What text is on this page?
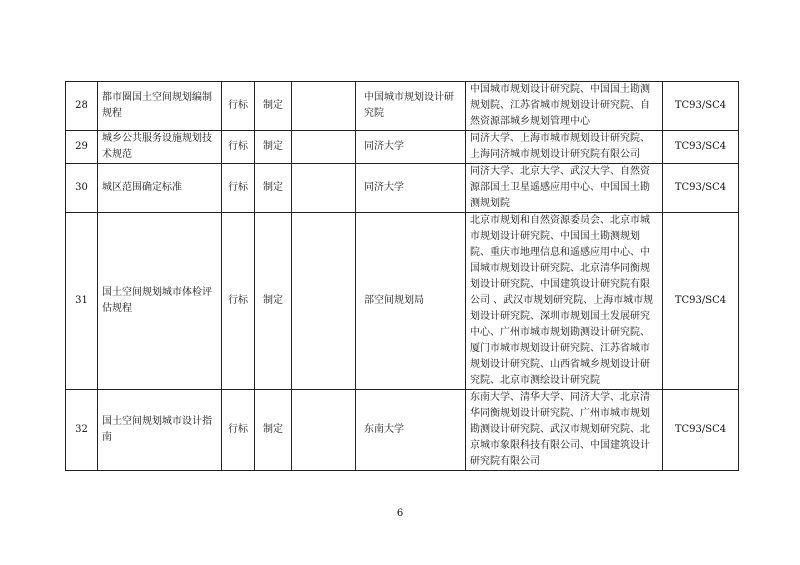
28	都市圈国土空间规划编制规程	行标	制定		中国城市规划设计研究院	中国城市规划设计研究院、中国国土勘测规划院、江苏省城市规划设计研究院、自然资源部城乡规划管理中心	TC93/SC4
29	城乡公共服务设施规划技术规范	行标	制定		同济大学	同济大学、上海市城市规划设计研究院、上海同济城市规划设计研究院有限公司	TC93/SC4
30	城区范围确定标准	行标	制定		同济大学	同济大学、北京大学、武汉大学、自然资源部国土卫星遥感应用中心、中国国土勘测规划院	TC93/SC4
31	国土空间规划城市体检评估规程	行标	制定		部空间规划局	北京市规划和自然资源委员会、北京市城市规划设计研究院、中国国土勘测规划院、重庆市地理信息和遥感应用中心、中国城市规划设计研究院、北京清华同衡规划设计研究院、中国建筑设计研究院有限公司 、武汉市规划研究院、上海市城市规划设计研究院、深圳市规划国土发展研究中心、广州市城市规划勘测设计研究院、厦门市城市规划设计研究院、江苏省城市规划设计研究院、山西省城乡规划设计研究院、北京市测绘设计研究院	TC93/SC4
32	国土空间规划城市设计指南	行标	制定		东南大学	东南大学、清华大学、同济大学、北京清华同衡规划设计研究院、广州市城市规划勘测设计研究院、武汉市规划研究院、北京城市象限科技有限公司、中国建筑设计研究院有限公司	TC93/SC4
6
